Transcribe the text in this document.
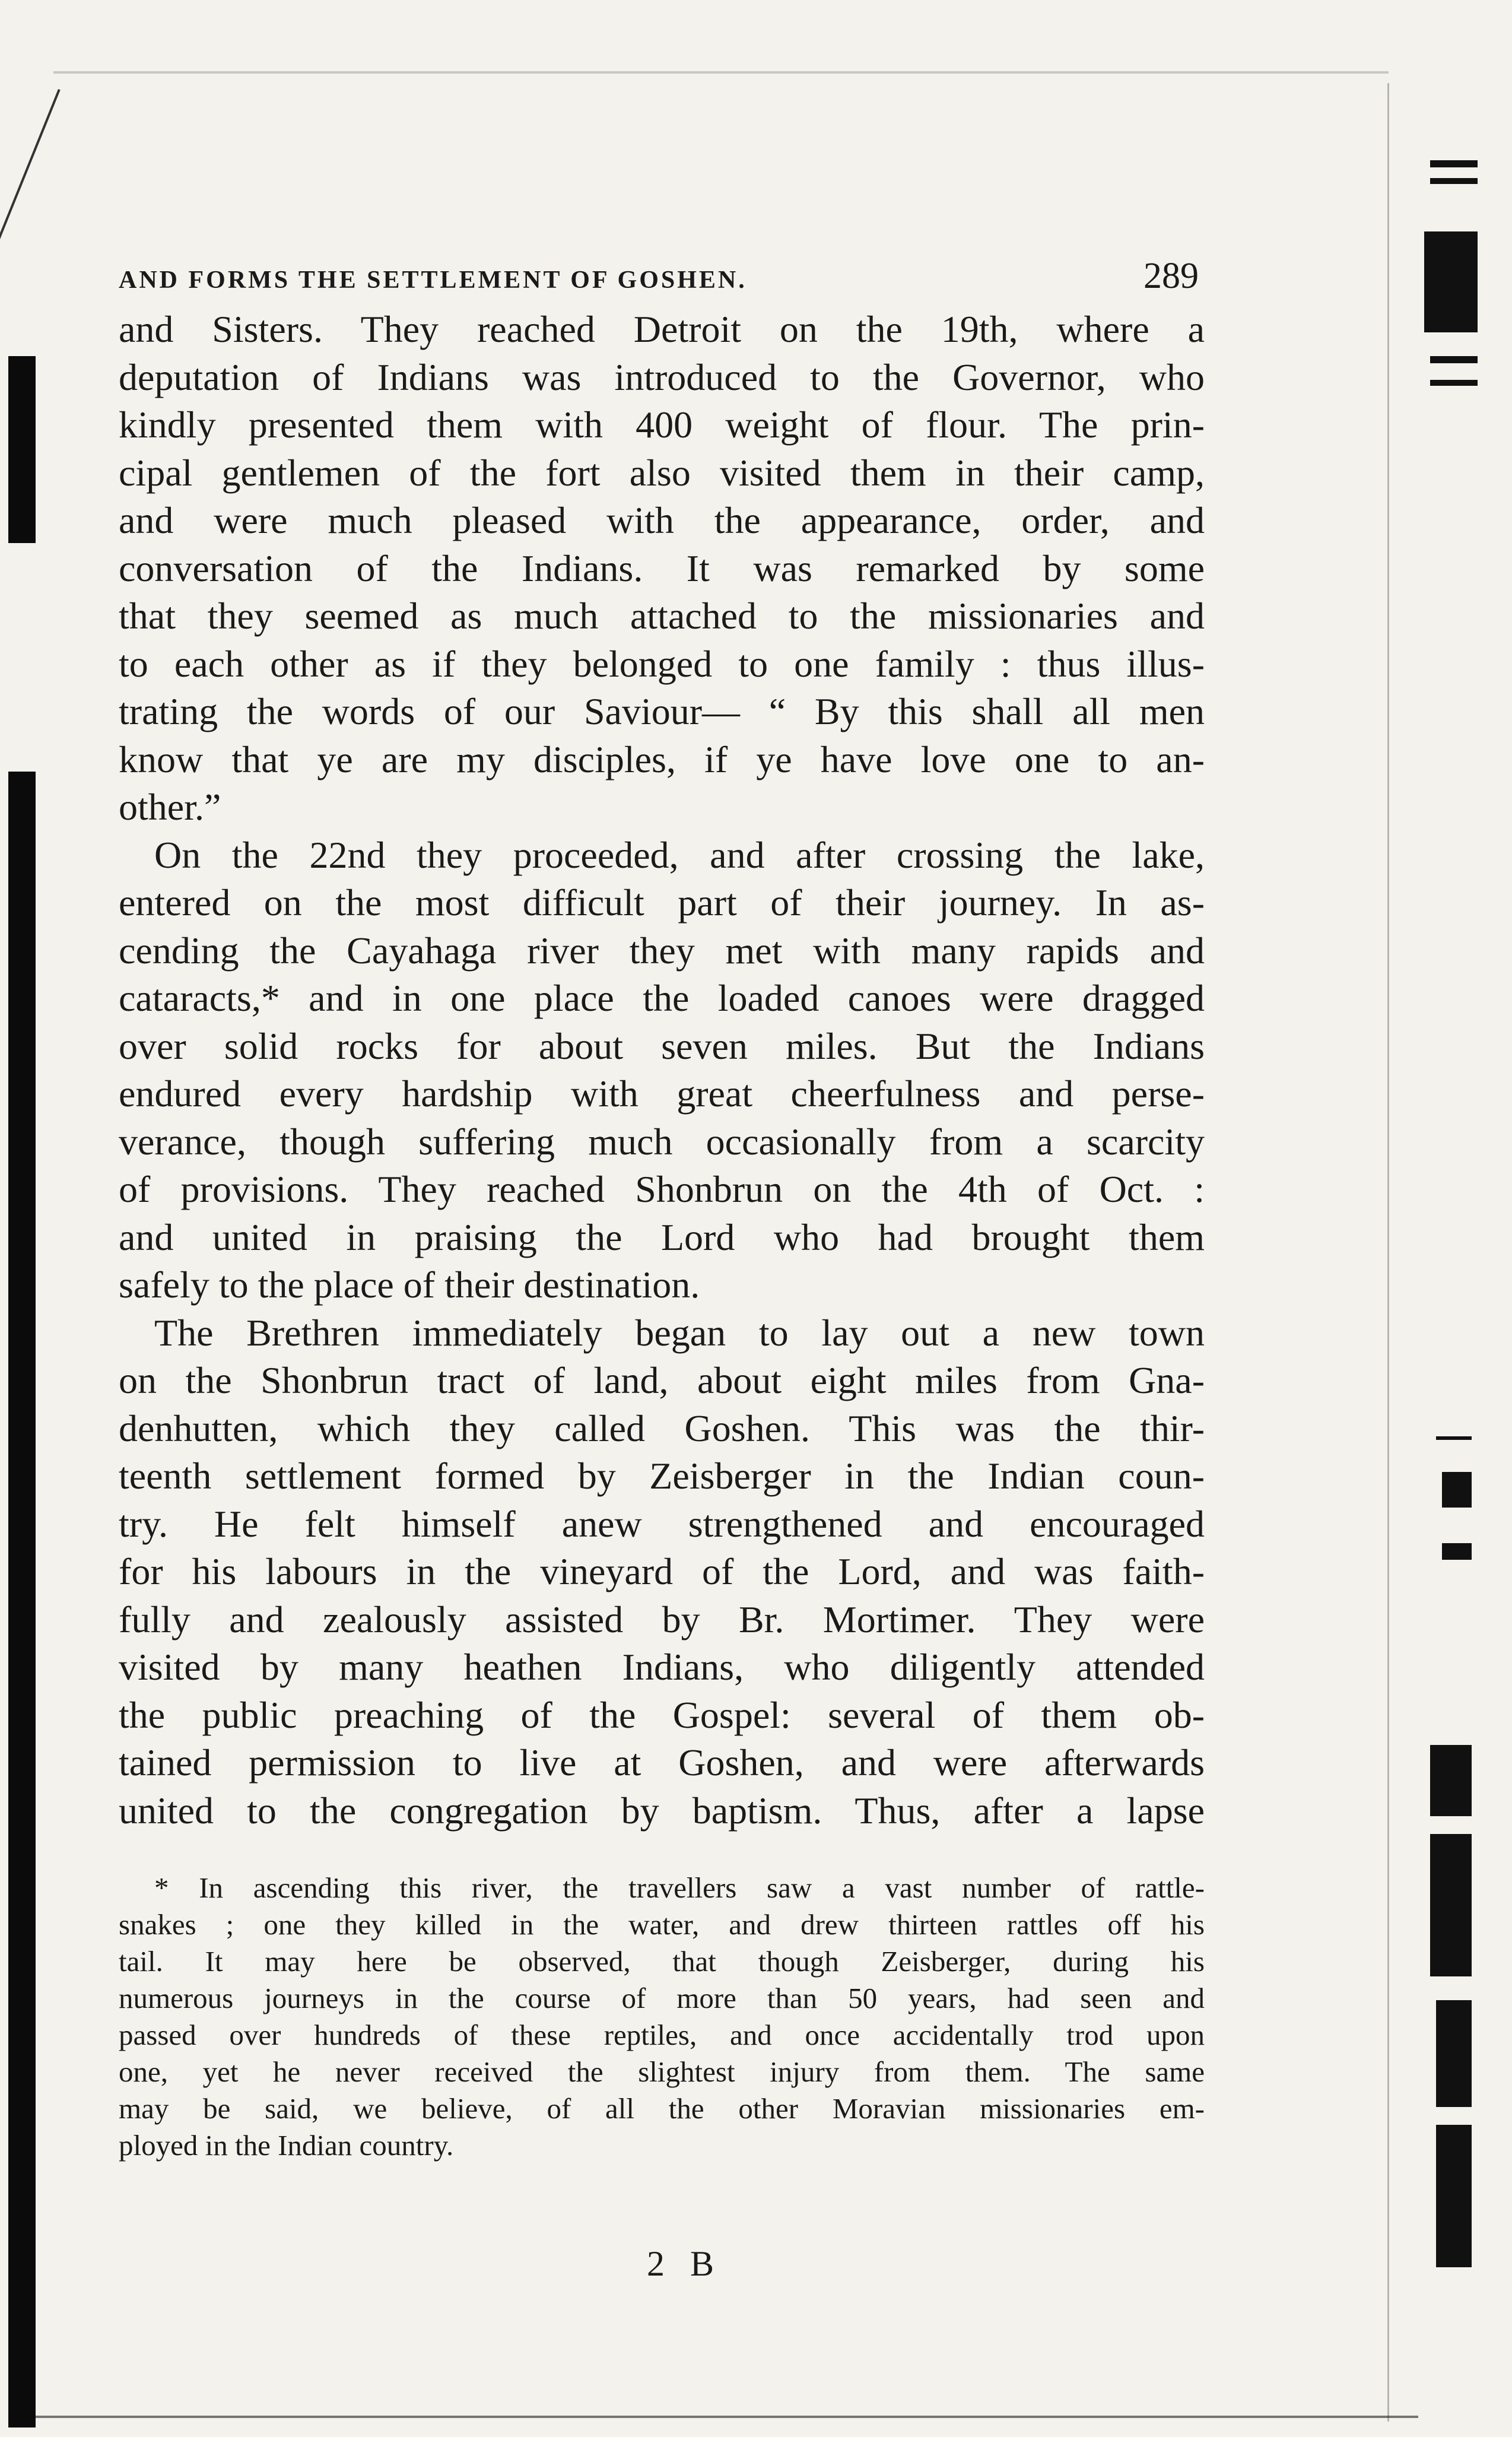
AND FORMS THE SETTLEMENT OF GOSHEN.	289
and Sisters. They reached Detroit on the 19th, where a
deputation of Indians was introduced to the Governor, who
kindly presented them with 400 weight of flour. The prin-
cipal gentlemen of the fort also visited them in their camp,
and were much pleased with the appearance, order, and
conversation of the Indians. It was remarked by some
that they seemed as much attached to the missionaries and
to each other as if they belonged to one family : thus illus-
trating the words of our Saviour— “ By this shall all men
know that ye are my disciples, if ye have love one to an-
other.”
On the 22nd they proceeded, and after crossing the lake,
entered on the most difficult part of their journey. In as-
cending the Cayahaga river they met with many rapids and
cataracts,* and in one place the loaded canoes were dragged
over solid rocks for about seven miles. But the Indians
endured every hardship with great cheerfulness and perse-
verance, though suffering much occasionally from a scarcity
of provisions. They reached Shonbrun on the 4th of Oct. :
and united in praising the Lord who had brought them
safely to the place of their destination.
The Brethren immediately began to lay out a new town
on the Shonbrun tract of land, about eight miles from Gna-
denhutten, which they called Goshen. This was the thir-
teenth settlement formed by Zeisberger in the Indian coun-
try. He felt himself anew strengthened and encouraged
for his labours in the vineyard of the Lord, and was faith-
fully and zealously assisted by Br. Mortimer. They were
visited by many heathen Indians, who diligently attended
the public preaching of the Gospel: several of them ob-
tained permission to live at Goshen, and were afterwards
united to the congregation by baptism. Thus, after a lapse
* In ascending this river, the travellers saw a vast number of rattle-
snakes ; one they killed in the water, and drew thirteen rattles off his
tail. It may here be observed, that though Zeisberger, during his
numerous journeys in the course of more than 50 years, had seen and
passed over hundreds of these reptiles, and once accidentally trod upon
one, yet he never received the slightest injury from them. The same
may be said, we believe, of all the other Moravian missionaries em-
ployed in the Indian country.
2 B
